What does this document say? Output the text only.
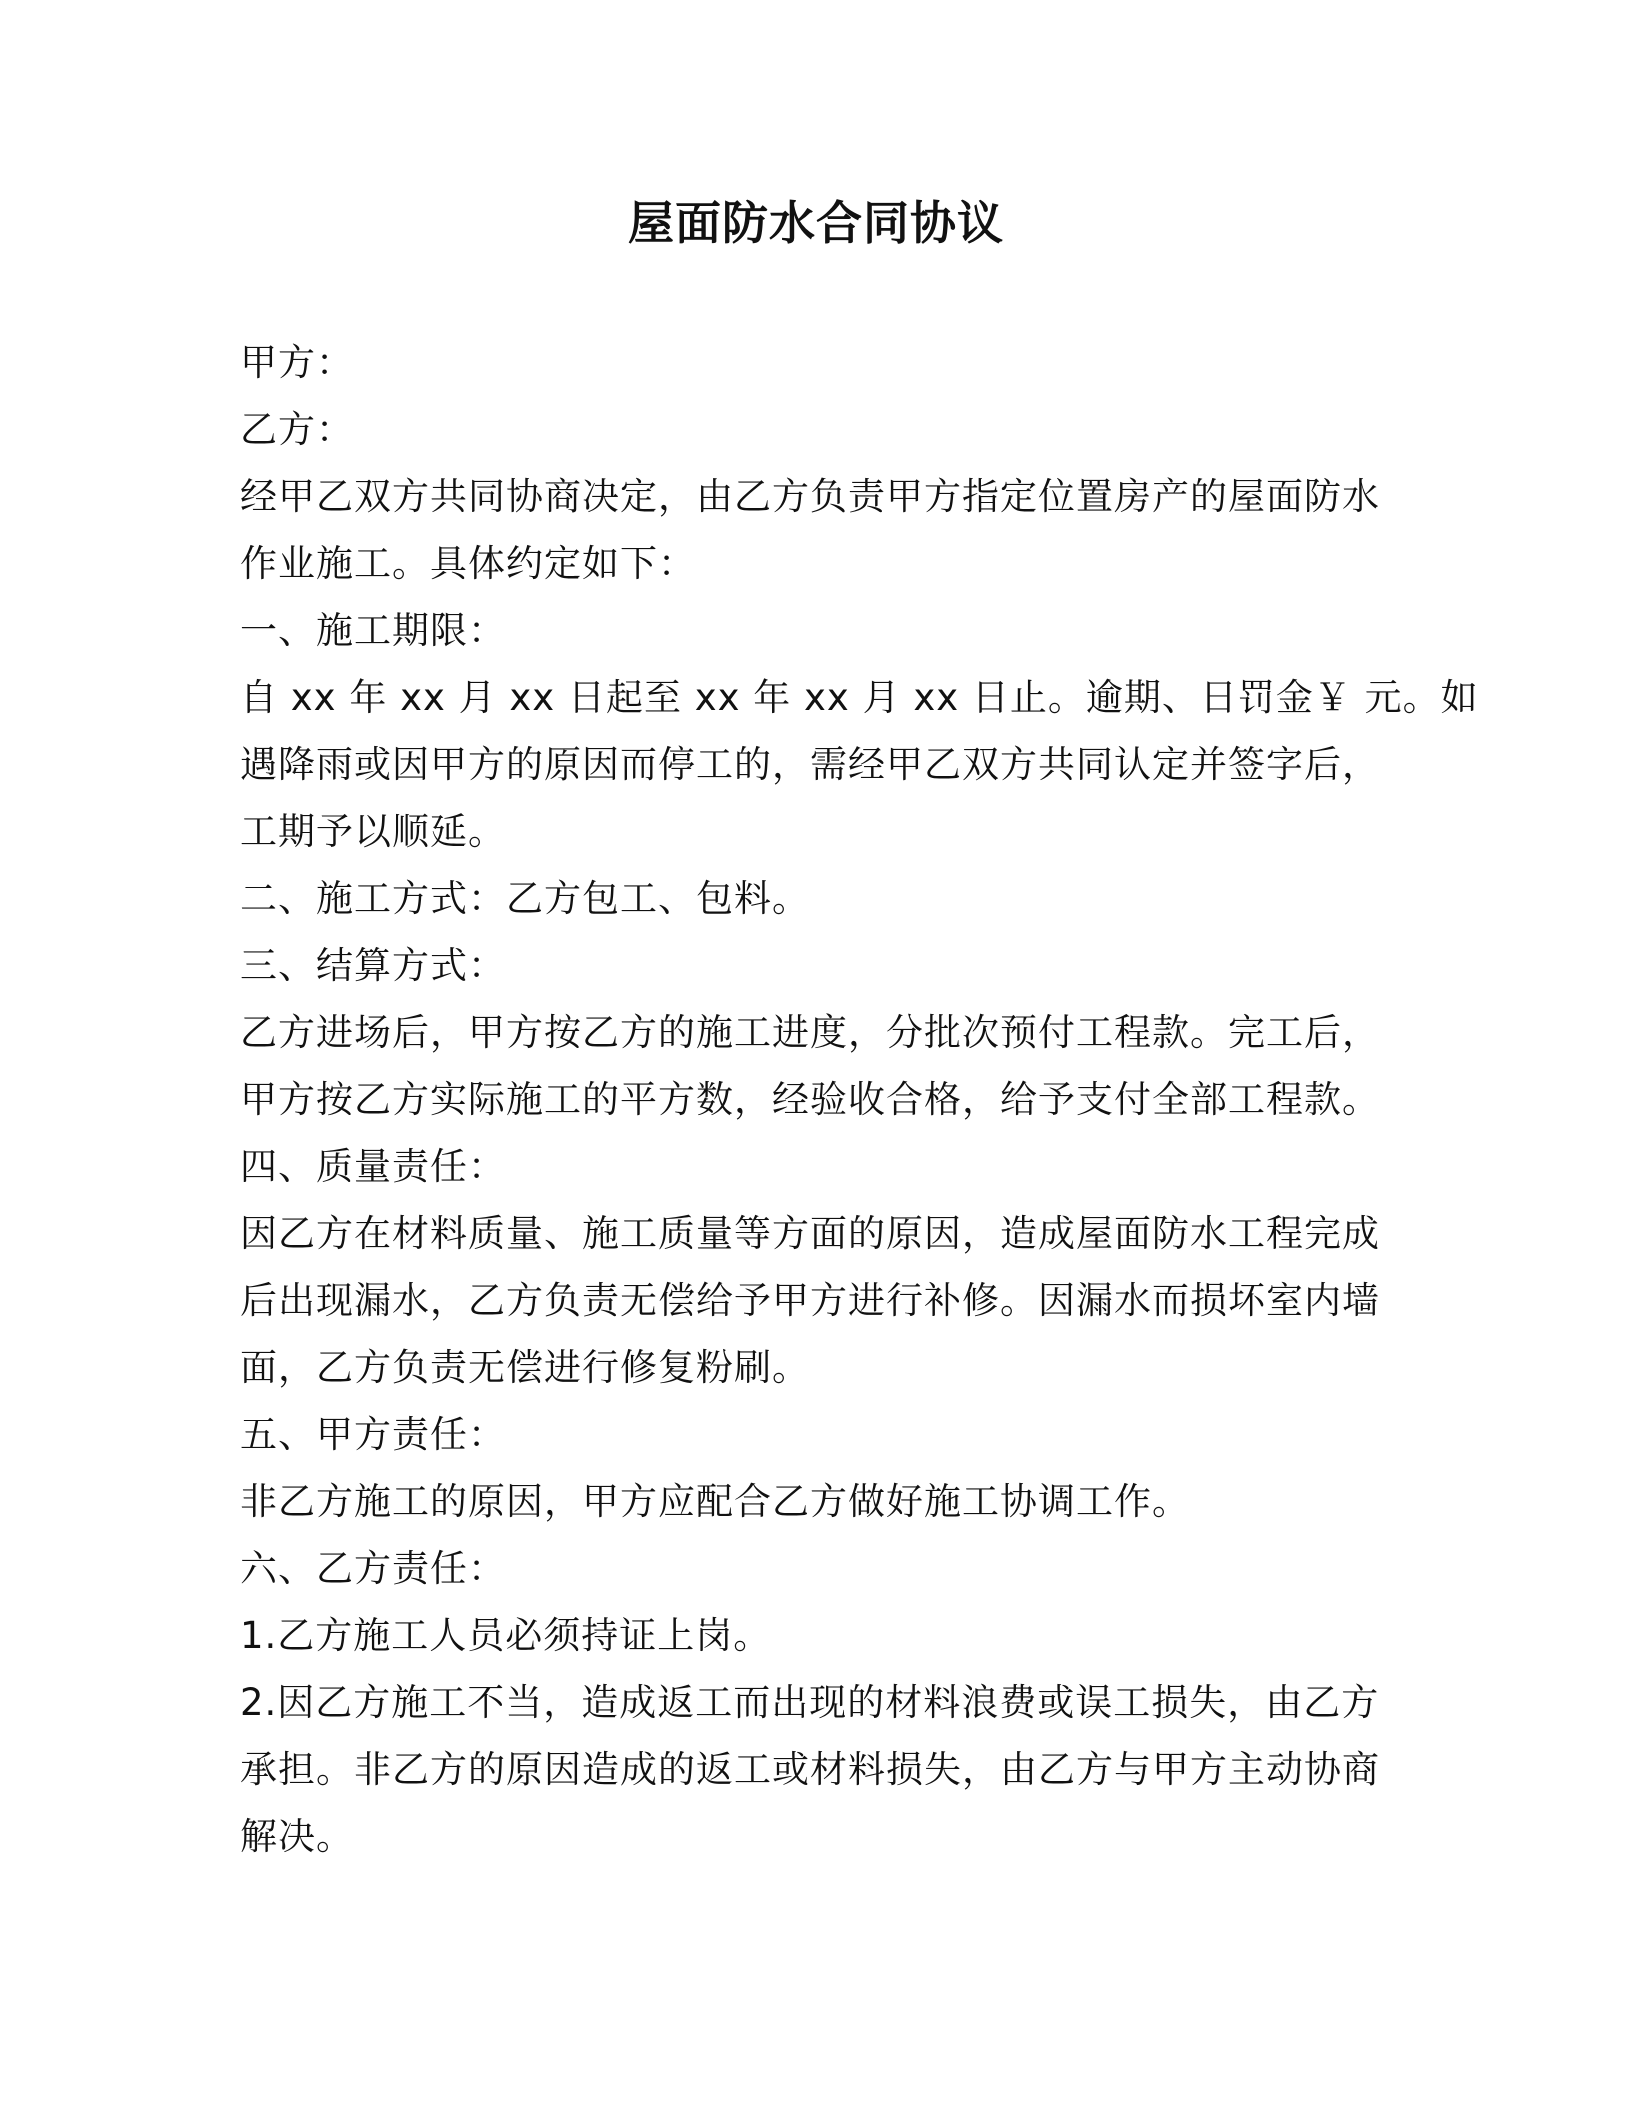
屋面防水合同协议

甲方：

乙方：

经甲乙双方共同协商决定，由乙方负责甲方指定位置房产的屋面防水

作业施工。具体约定如下：

一、施工期限：

自 xx 年 xx 月 xx 日起至 xx 年 xx 月 xx 日止。逾期、日罚金￥ 元。如

遇降雨或因甲方的原因而停工的，需经甲乙双方共同认定并签字后，

工期予以顺延。

二、施工方式：乙方包工、包料。

三、结算方式：

乙方进场后，甲方按乙方的施工进度，分批次预付工程款。完工后，

甲方按乙方实际施工的平方数，经验收合格，给予支付全部工程款。

四、质量责任：

因乙方在材料质量、施工质量等方面的原因，造成屋面防水工程完成

后出现漏水，乙方负责无偿给予甲方进行补修。因漏水而损坏室内墙

面，乙方负责无偿进行修复粉刷。

五、甲方责任：

非乙方施工的原因，甲方应配合乙方做好施工协调工作。

六、乙方责任：

1.乙方施工人员必须持证上岗。

2.因乙方施工不当，造成返工而出现的材料浪费或误工损失，由乙方

承担。非乙方的原因造成的返工或材料损失，由乙方与甲方主动协商

解决。
